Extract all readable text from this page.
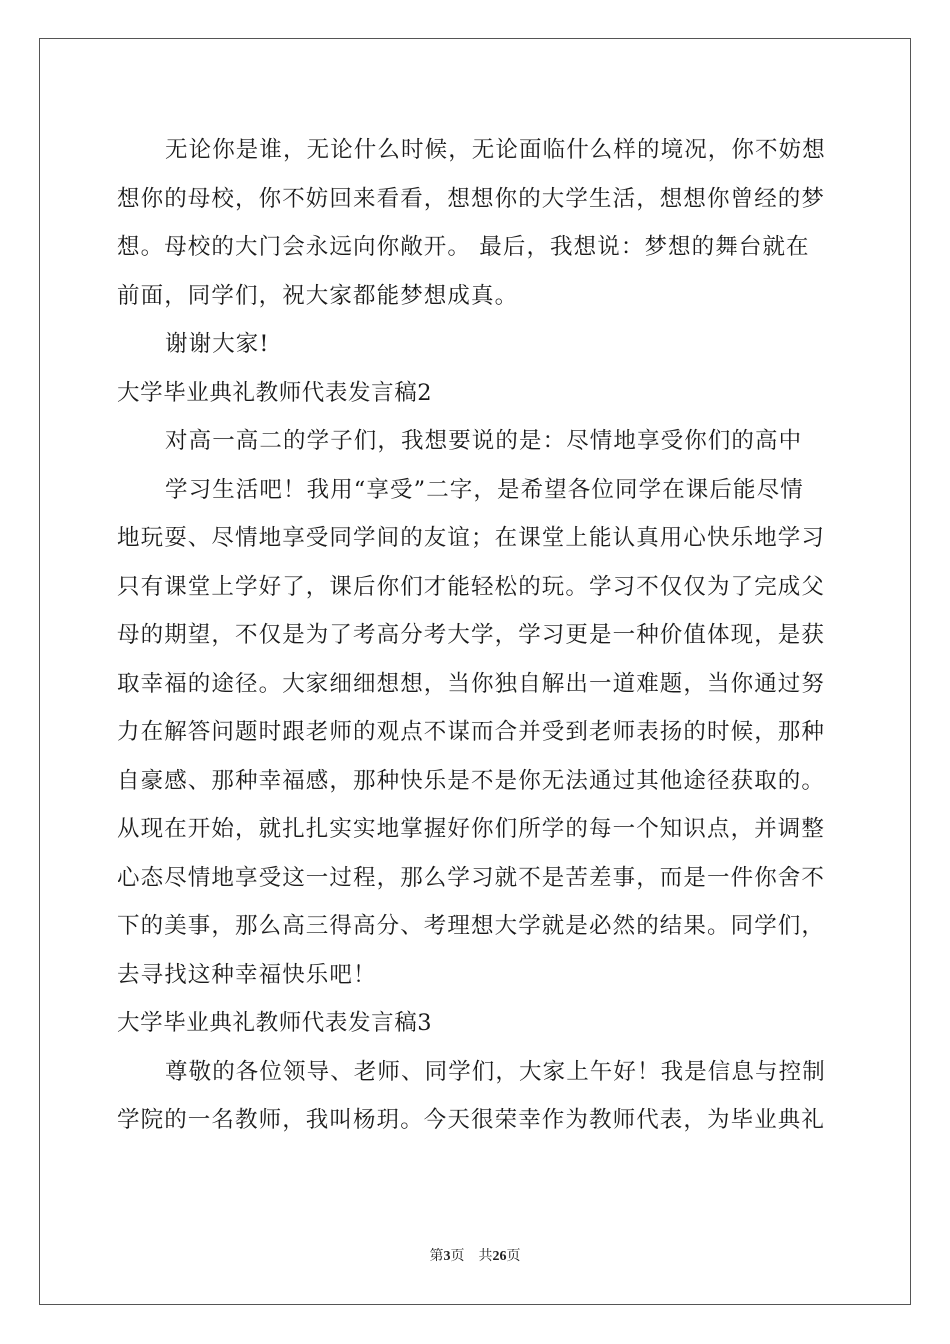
无论你是谁，无论什么时候，无论面临什么样的境况，你不妨想
想你的母校，你不妨回来看看，想想你的大学生活，想想你曾经的梦
想。母校的大门会永远向你敞开。 最后，我想说：梦想的舞台就在
前面，同学们，祝大家都能梦想成真。
谢谢大家!
大学毕业典礼教师代表发言稿2
对高一高二的学子们，我想要说的是：尽情地享受你们的高中
学习生活吧！我用“享受”二字，是希望各位同学在课后能尽情
地玩耍、尽情地享受同学间的友谊；在课堂上能认真用心快乐地学习
只有课堂上学好了，课后你们才能轻松的玩。学习不仅仅为了完成父
母的期望，不仅是为了考高分考大学，学习更是一种价值体现，是获
取幸福的途径。大家细细想想，当你独自解出一道难题，当你通过努
力在解答问题时跟老师的观点不谋而合并受到老师表扬的时候，那种
自豪感、那种幸福感，那种快乐是不是你无法通过其他途径获取的。
从现在开始，就扎扎实实地掌握好你们所学的每一个知识点，并调整
心态尽情地享受这一过程，那么学习就不是苦差事，而是一件你舍不
下的美事，那么高三得高分、考理想大学就是必然的结果。同学们，
去寻找这种幸福快乐吧！
大学毕业典礼教师代表发言稿3
尊敬的各位领导、老师、同学们，大家上午好！我是信息与控制
学院的一名教师，我叫杨玥。今天很荣幸作为教师代表，为毕业典礼
第3页 共26页
